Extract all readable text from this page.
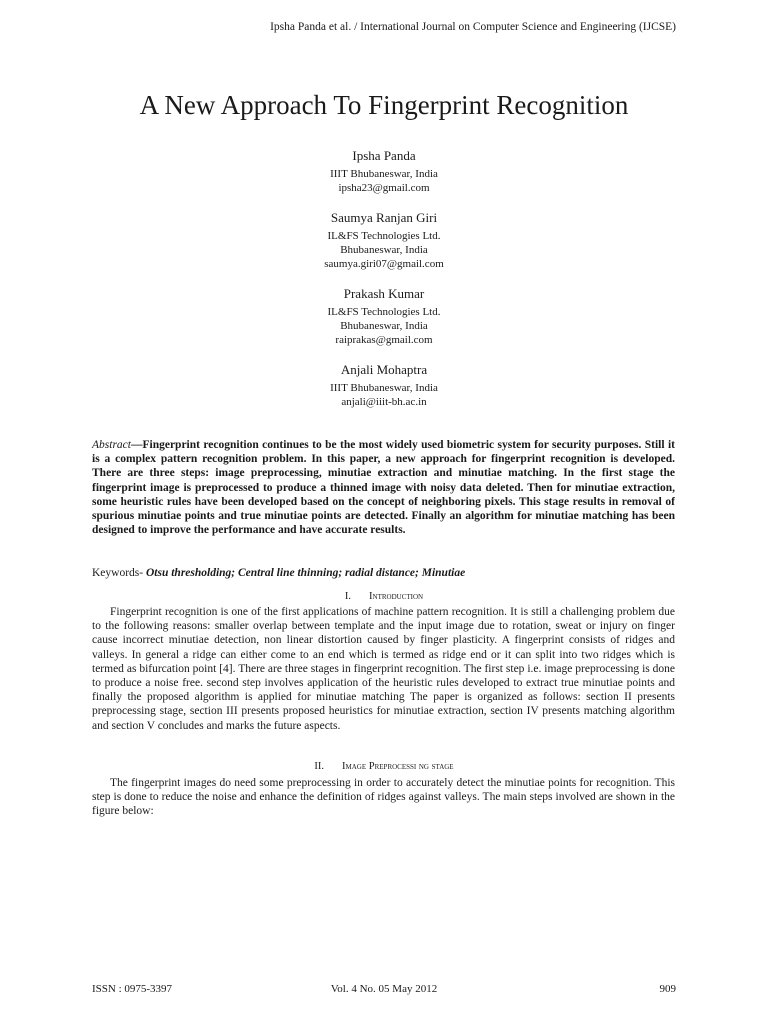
Ipsha Panda et al. / International Journal on Computer Science and Engineering (IJCSE)
A New Approach To Fingerprint Recognition
Ipsha Panda
IIIT Bhubaneswar, India
ipsha23@gmail.com
Saumya Ranjan Giri
IL&FS Technologies Ltd.
Bhubaneswar, India
saumya.giri07@gmail.com
Prakash Kumar
IL&FS Technologies Ltd.
Bhubaneswar, India
raiprakas@gmail.com
Anjali Mohaptra
IIIT Bhubaneswar, India
anjali@iiit-bh.ac.in
Abstract—Fingerprint recognition continues to be the most widely used biometric system for security purposes. Still it is a complex pattern recognition problem. In this paper, a new approach for fingerprint recognition is developed. There are three steps: image preprocessing, minutiae extraction and minutiae matching. In the first stage the fingerprint image is preprocessed to produce a thinned image with noisy data deleted. Then for minutiae extraction, some heuristic rules have been developed based on the concept of neighboring pixels. This stage results in removal of spurious minutiae points and true minutiae points are detected. Finally an algorithm for minutiae matching has been designed to improve the performance and have accurate results.
Keywords- Otsu thresholding; Central line thinning; radial distance; Minutiae
I. Introduction
Fingerprint recognition is one of the first applications of machine pattern recognition. It is still a challenging problem due to the following reasons: smaller overlap between template and the input image due to rotation, sweat or injury on finger cause incorrect minutiae detection, non linear distortion caused by finger plasticity. A fingerprint consists of ridges and valleys. In general a ridge can either come to an end which is termed as ridge end or it can split into two ridges which is termed as bifurcation point [4]. There are three stages in fingerprint recognition. The first step i.e. image preprocessing is done to produce a noise free. second step involves application of the heuristic rules developed to extract true minutiae points and finally the proposed algorithm is applied for minutiae matching The paper is organized as follows: section II presents preprocessing stage, section III presents proposed heuristics for minutiae extraction, section IV presents matching algorithm and section V concludes and marks the future aspects.
II. Image Preprocessi ng stage
The fingerprint images do need some preprocessing in order to accurately detect the minutiae points for recognition. This step is done to reduce the noise and enhance the definition of ridges against valleys. The main steps involved are shown in the figure below:
ISSN : 0975-3397	Vol. 4 No. 05 May 2012	909
